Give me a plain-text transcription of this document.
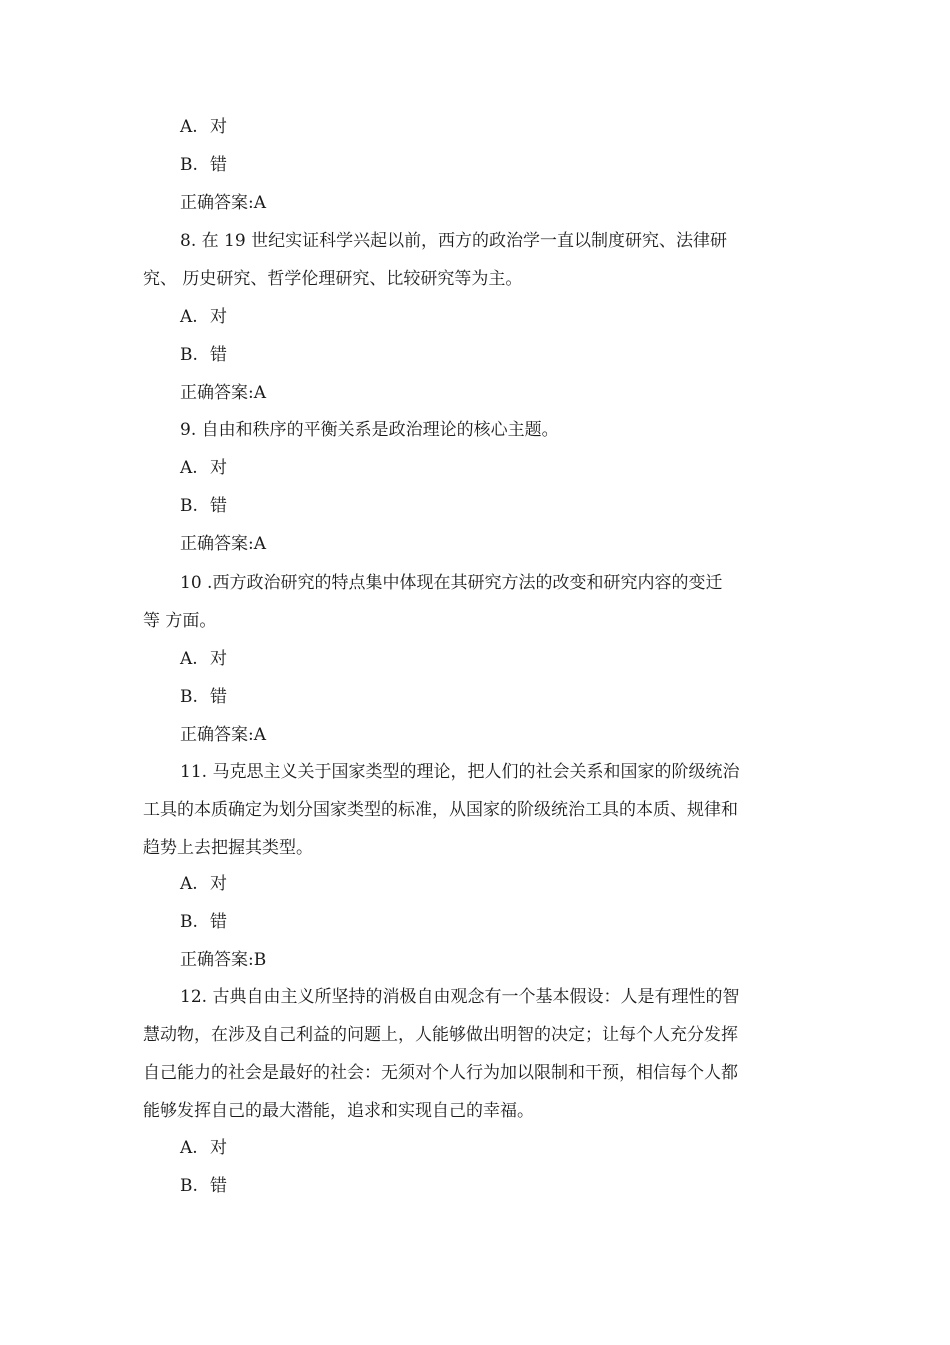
A. 对
B. 错
正确答案:A
8. 在 19 世纪实证科学兴起以前，西方的政治学一直以制度研究、法律研
究、 历史研究、哲学伦理研究、比较研究等为主。
A. 对
B. 错
正确答案:A
9. 自由和秩序的平衡关系是政治理论的核心主题。
A. 对
B. 错
正确答案:A
10 .西方政治研究的特点集中体现在其研究方法的改变和研究内容的变迁
等 方面。
A. 对
B. 错
正确答案:A
11. 马克思主义关于国家类型的理论，把人们的社会关系和国家的阶级统治
工具的本质确定为划分国家类型的标准，从国家的阶级统治工具的本质、规律和
趋势上去把握其类型。
A. 对
B. 错
正确答案:B
12. 古典自由主义所坚持的消极自由观念有一个基本假设：人是有理性的智
慧动物，在涉及自己利益的问题上，人能够做出明智的决定；让每个人充分发挥
自己能力的社会是最好的社会：无须对个人行为加以限制和干预，相信每个人都
能够发挥自己的最大潜能，追求和实现自己的幸福。
A. 对
B. 错
